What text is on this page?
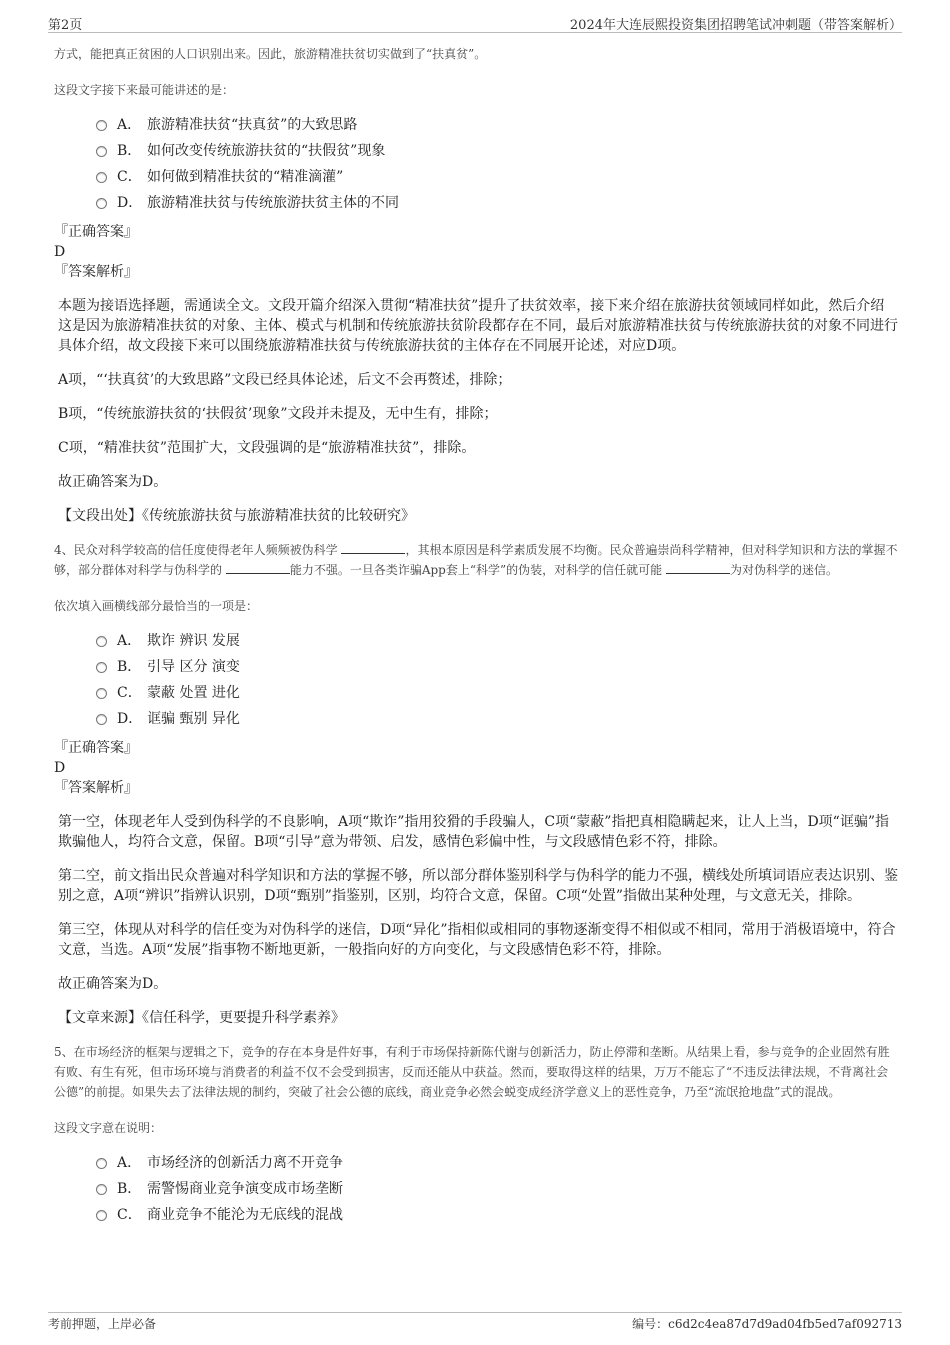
第2页	2024年大连辰熙投资集团招聘笔试冲刺题（带答案解析）

方式，能把真正贫困的人口识别出来。因此，旅游精准扶贫切实做到了“扶真贫”。

这段文字接下来最可能讲述的是：

A． 旅游精准扶贫“扶真贫”的大致思路
B． 如何改变传统旅游扶贫的“扶假贫”现象
C． 如何做到精准扶贫的“精准滴灌”
D． 旅游精准扶贫与传统旅游扶贫主体的不同

『正确答案』

D

『答案解析』

本题为接语选择题，需通读全文。文段开篇介绍深入贯彻“精准扶贫”提升了扶贫效率，接下来介绍在旅游扶贫领域同样如此，然后介绍这是因为旅游精准扶贫的对象、主体、模式与机制和传统旅游扶贫阶段都存在不同，最后对旅游精准扶贫与传统旅游扶贫的对象不同进行具体介绍，故文段接下来可以围绕旅游精准扶贫与传统旅游扶贫的主体存在不同展开论述，对应D项。

A项，“‘扶真贫’的大致思路”文段已经具体论述，后文不会再赘述，排除；

B项，“传统旅游扶贫的‘扶假贫’现象”文段并未提及，无中生有，排除；

C项，“精准扶贫”范围扩大，文段强调的是“旅游精准扶贫”，排除。

故正确答案为D。

【文段出处】《传统旅游扶贫与旅游精准扶贫的比较研究》

4、民众对科学较高的信任度使得老年人频频被伪科学	，其根本原因是科学素质发展不均衡。民众普遍崇尚科学精神，但对科学知识和方法的掌握不够，部分群体对科学与伪科学的	能力不强。一旦各类诈骗App套上“科学”的伪装，对科学的信任就可能	为对伪科学的迷信。

依次填入画横线部分最恰当的一项是：

A． 欺诈 辨识 发展
B． 引导 区分 演变
C． 蒙蔽 处置 进化
D． 诓骗 甄别 异化

『正确答案』

D

『答案解析』

第一空，体现老年人受到伪科学的不良影响，A项“欺诈”指用狡猾的手段骗人，C项“蒙蔽”指把真相隐瞒起来，让人上当，D项“诓骗”指欺骗他人，均符合文意，保留。B项“引导”意为带领、启发，感情色彩偏中性，与文段感情色彩不符，排除。

第二空，前文指出民众普遍对科学知识和方法的掌握不够，所以部分群体鉴别科学与伪科学的能力不强，横线处所填词语应表达识别、鉴别之意，A项“辨识”指辨认识别，D项“甄别”指鉴别，区别，均符合文意，保留。C项“处置”指做出某种处理，与文意无关，排除。

第三空，体现从对科学的信任变为对伪科学的迷信，D项“异化”指相似或相同的事物逐渐变得不相似或不相同，常用于消极语境中，符合文意，当选。A项“发展”指事物不断地更新，一般指向好的方向变化，与文段感情色彩不符，排除。

故正确答案为D。

【文章来源】《信任科学，更要提升科学素养》

5、在市场经济的框架与逻辑之下，竞争的存在本身是件好事，有利于市场保持新陈代谢与创新活力，防止停滞和垄断。从结果上看，参与竞争的企业固然有胜有败、有生有死，但市场环境与消费者的利益不仅不会受到损害，反而还能从中获益。然而，要取得这样的结果，万万不能忘了“不违反法律法规，不背离社会公德”的前提。如果失去了法律法规的制约，突破了社会公德的底线，商业竞争必然会蜕变成经济学意义上的恶性竞争，乃至“流氓抢地盘”式的混战。

这段文字意在说明：

A． 市场经济的创新活力离不开竞争
B． 需警惕商业竞争演变成市场垄断
C． 商业竞争不能沦为无底线的混战
考前押题，上岸必备	编号：c6d2c4ea87d7d9ad04fb5ed7af092713
